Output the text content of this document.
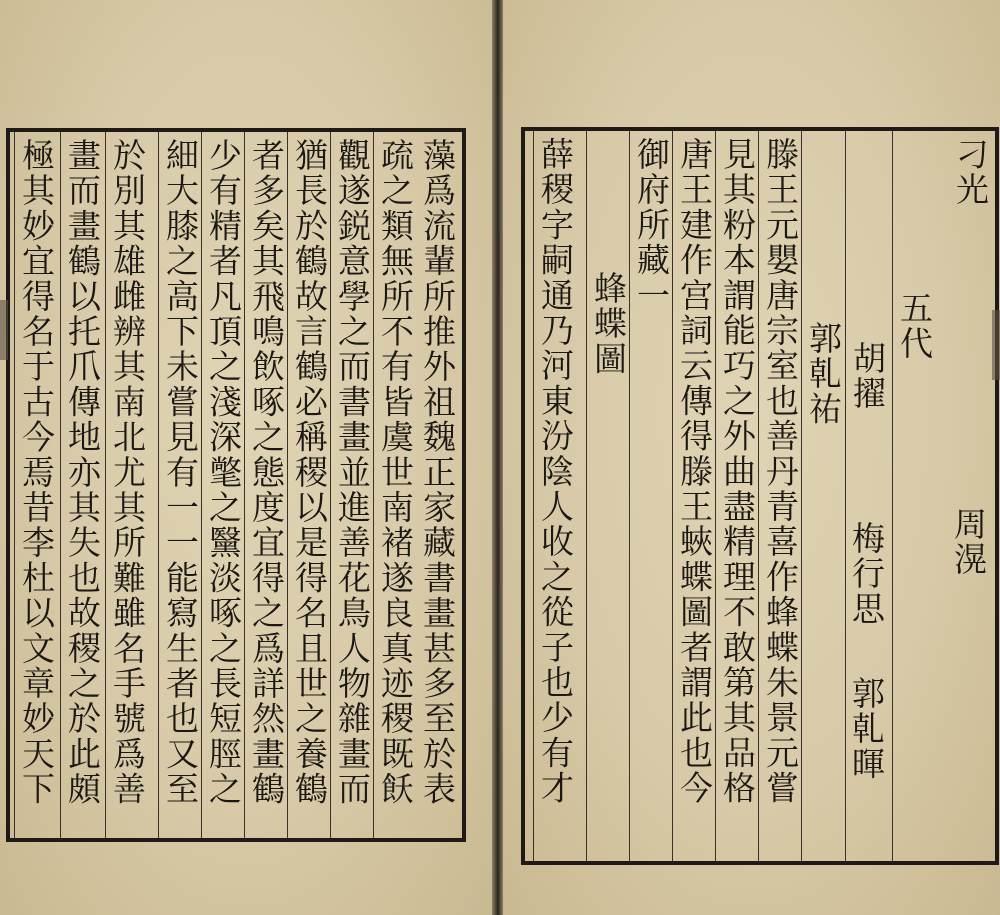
藻爲流輩所推外祖魏正家藏書畫甚多至於表
疏之類無所不有皆虞世南褚遂良真迹稷既飫
觀遂鋭意學之而書畫並進善花鳥人物雜畫而
猶長於鶴故言鶴必稱稷以是得名且世之養鶴
者多矣其飛鳴飲啄之態度宜得之爲詳然畫鶴
少有精者凡頂之淺深氅之黳淡啄之長短脛之
細大膝之高下未嘗見有一一能寫生者也又至
於別其雄雌辨其南北尤其所難雖名手號爲善
畫而畫鶴以托爪傳地亦其失也故稷之於此頗
極其妙宜得名于古今焉昔李杜以文章妙天下	刁光
周滉
五代
胡擢
梅行思
郭乹祐
郭乹暉
滕王元嬰唐宗室也善丹青喜作蜂蝶朱景元嘗
見其粉本謂能巧之外曲盡精理不敢第其品格
唐王建作宫詞云傳得滕王蛺蝶圖者謂此也今
御府所藏一
蜂蝶圖
薛稷字嗣通乃河東汾陰人收之從子也少有才
